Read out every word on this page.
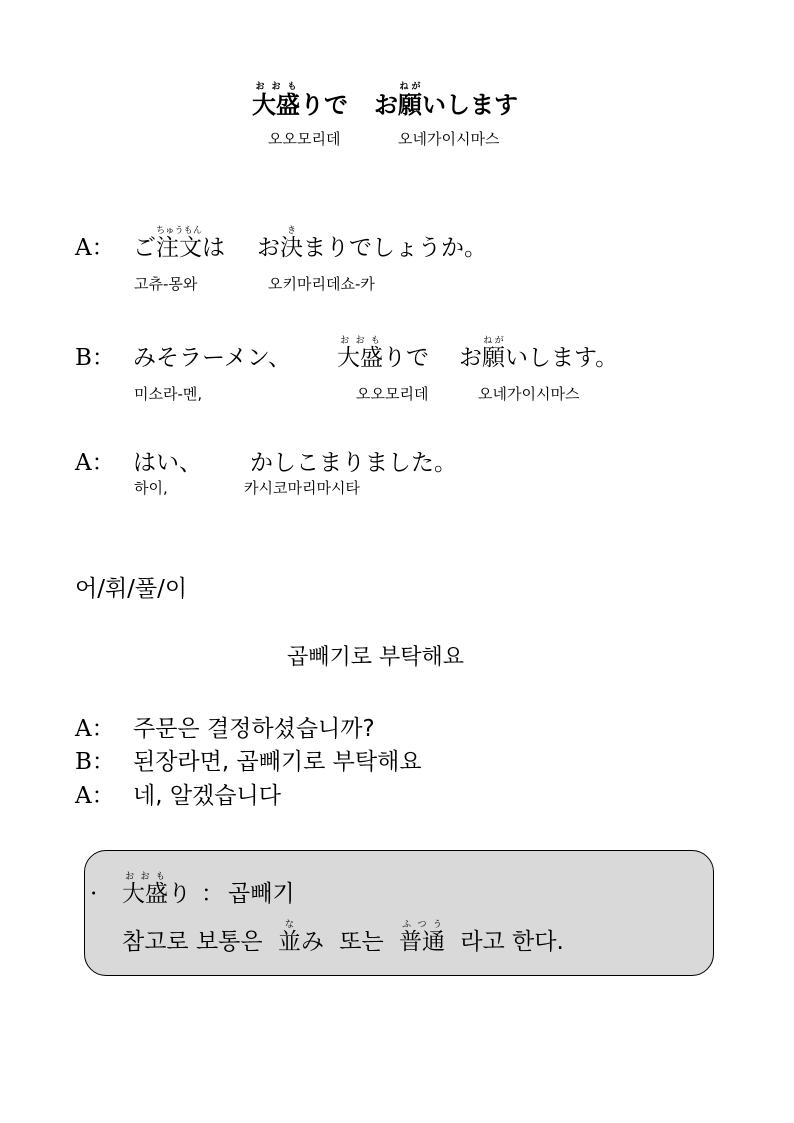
大盛おおもりで お願ねがいします
오오모리데	오네가이시마스
A： ご注文ちゅうもんは お決きまりでしょうか。
고츄-몽와	오키마리데쇼-카
B： みそラーメン、 大盛おおもりで お願ねがいします。
미소라-멘,	오오모리데	오네가이시마스
A： はい、 かしこまりました。
하이,	카시코마리마시타
어/휘/풀/이
곱빼기로 부탁해요
A： 주문은 결정하셨습니까?
B： 된장라면, 곱빼기로 부탁해요
A： 네, 알겠습니다
· 大盛おおもり ： 곱빼기
참고로 보통은 並なみ 또는 普通ふつう 라고 한다.
